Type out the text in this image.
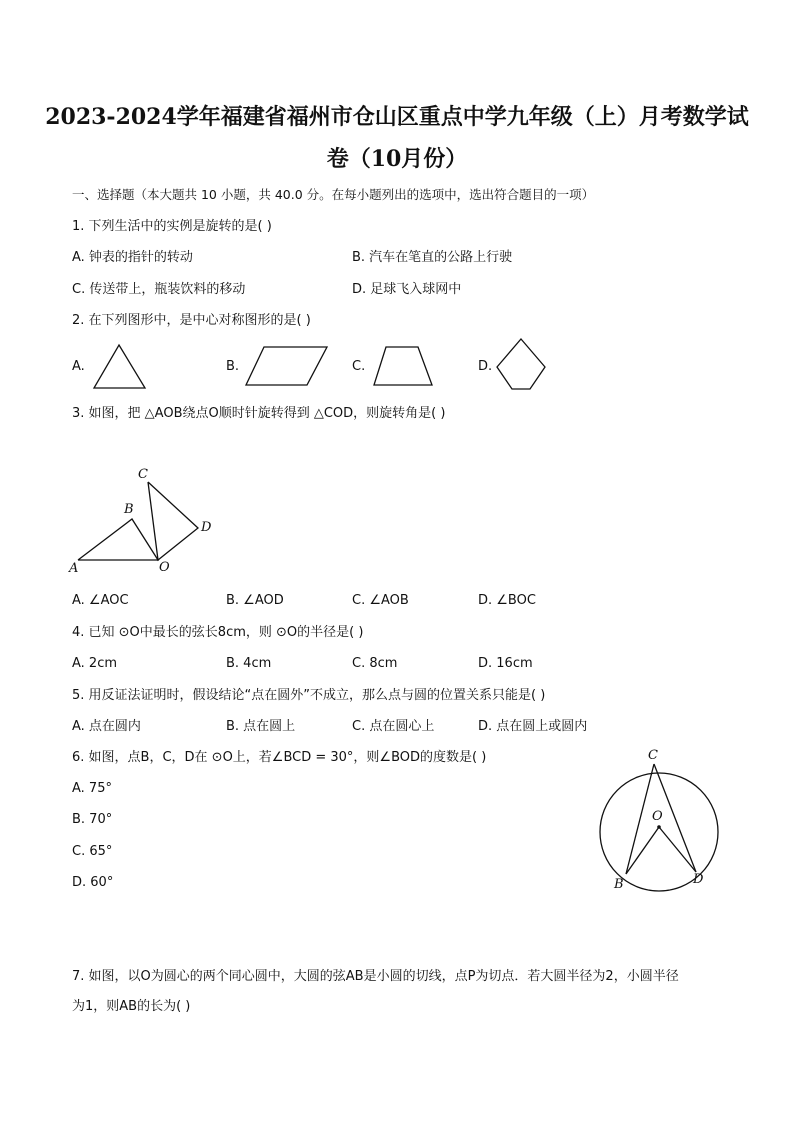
2023-2024学年福建省福州市仓山区重点中学九年级（上）月考数学试
卷（10月份）
一、选择题（本大题共 10 小题，共 40.0 分。在每小题列出的选项中，选出符合题目的一项）
1. 下列生活中的实例是旋转的是( )
A. 钟表的指针的转动	B. 汽车在笔直的公路上行驶
C. 传送带上，瓶装饮料的移动	D. 足球飞入球网中
2. 在下列图形中，是中心对称图形的是( )
A.	B.	C.	D.
3. 如图，把 △AOB绕点O顺时针旋转得到 △COD，则旋转角是( )
A
B
C
D
O
A. ∠AOC	B. ∠AOD	C. ∠AOB	D. ∠BOC
4. 已知 ⊙O中最长的弦长8cm，则 ⊙O的半径是( )
A. 2cm	B. 4cm	C. 8cm	D. 16cm
5. 用反证法证明时，假设结论“点在圆外”不成立，那么点与圆的位置关系只能是( )
A. 点在圆内	B. 点在圆上	C. 点在圆心上	D. 点在圆上或圆内
6. 如图，点B，C，D在 ⊙O上，若∠BCD = 30°，则∠BOD的度数是( )
A. 75°
B. 70°
C. 65°
D. 60°
C
O
B	D
7. 如图，以O为圆心的两个同心圆中，大圆的弦AB是小圆的切线，点P为切点．若大圆半径为2，小圆半径
为1，则AB的长为( )
